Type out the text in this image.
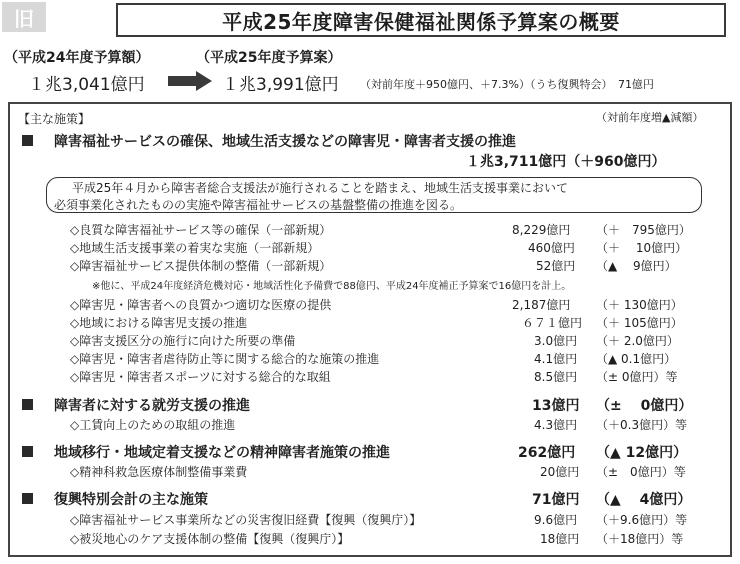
旧	平成25年度障害保健福祉関係予算案の概要
（平成24年度予算額）	（平成25年度予算案）
１兆3,041億円	１兆3,991億円 （対前年度＋950億円、＋7.3%）（うち復興特会）　71億円
【主な施策】	（対前年度増▲減額）
障害福祉サービスの確保、地域生活支援などの障害児・障害者支援の推進
１兆3,711億円（＋960億円）
平成25年４月から障害者総合支援法が施行されることを踏まえ、地域生活支援事業において
必須事業化されたものの実施や障害福祉サービスの基盤整備の推進を図る。
◇良質な障害福祉サービス等の確保（一部新規）	8,229億円 （＋　795億円）
◇地域生活支援事業の着実な実施（一部新規）	460億円 （＋　 10億円）
◇障害福祉サービス提供体制の整備（一部新規）	52億円 （▲　 9億円）
※他に、平成24年度経済危機対応・地域活性化予備費で88億円、平成24年度補正予算案で16億円を計上。
◇障害児・障害者への良質かつ適切な医療の提供	2,187億円 （＋ 130億円）
◇地域における障害児支援の推進	６７１億円 （＋ 105億円）
◇障害支援区分の施行に向けた所要の準備	3.0億円 （＋ 2.0億円）
◇障害児・障害者虐待防止等に関する総合的な施策の推進	4.1億円 （▲ 0.1億円）
◇障害児・障害者スポーツに対する総合的な取組	8.5億円 （± 0億円）等
障害者に対する就労支援の推進	13億円 （±　 0億円）
◇工賃向上のための取組の推進	4.3億円 （＋0.3億円）等
地域移行・地域定着支援などの精神障害者施策の推進	262億円 （▲ 12億円）
◇精神科救急医療体制整備事業費	20億円 （±　0億円）等
復興特別会計の主な施策	71億円 （▲　 4億円）
◇障害福祉サービス事業所などの災害復旧経費【復興（復興庁）】	9.6億円 （＋9.6億円）等
◇被災地心のケア支援体制の整備【復興（復興庁）】	18億円 （＋18億円）等
